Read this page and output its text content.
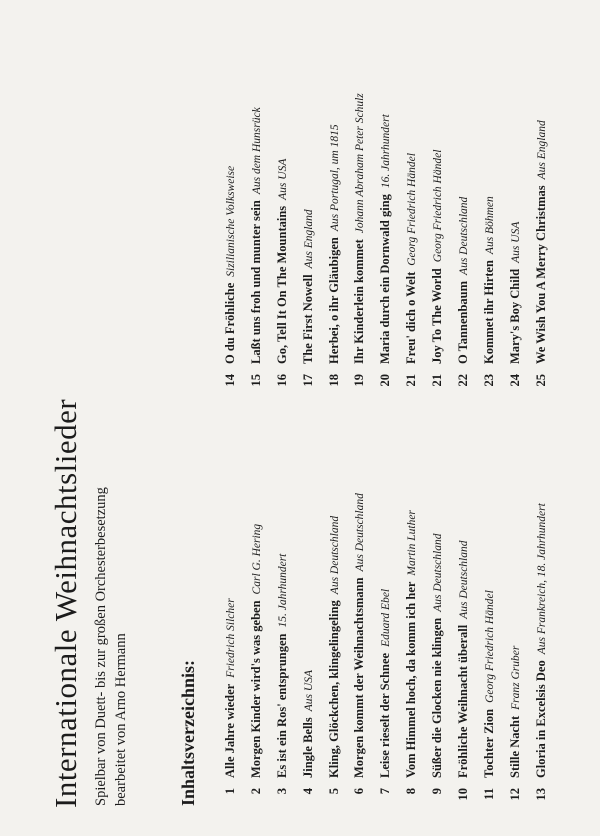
Internationale Weihnachtslieder Spielbar von Duett- bis zur großen Orchesterbesetzung bearbeitet von Arno Hermann	Inhaltsverzeichnis:	1Alle Jahre wiederFriedrich Silcher
2Morgen Kinder wird's was gebenCarl G. Hering
3Es ist ein Ros' entsprungen15. Jahrhundert
4Jingle BellsAus USA
5Kling, Glöckchen, klingelingelingAus Deutschland
6Morgen kommt der WeihnachtsmannAus Deutschland
7Leise rieselt der SchneeEduard Ebel
8Vom Himmel hoch, da komm ich herMartin Luther
9Süßer die Glocken nie klingenAus Deutschland
10Fröhliche Weihnacht überallAus Deutschland
11Tochter ZionGeorg Friedrich Händel
12Stille NachtFranz Gruber
13Gloria in Excelsis DeoAus Frankreich, 18. Jahrhundert
14O du FröhlicheSizilianische Volksweise
15Laßt uns froh und munter seinAus dem Hunsrück
16Go, Tell It On The MountainsAus USA
17The First NowellAus England
18Herbei, o ihr GläubigenAus Portugal, um 1815
19Ihr Kinderlein kommetJohann Abraham Peter Schulz
20Maria durch ein Dornwald ging16. Jahrhundert
21Freu' dich o WeltGeorg Friedrich Händel
21Joy To The WorldGeorg Friedrich Händel
22O TannenbaumAus Deutschland
23Kommet ihr HirtenAus Böhmen
24Mary's Boy ChildAus USA
25We Wish You A Merry ChristmasAus England
